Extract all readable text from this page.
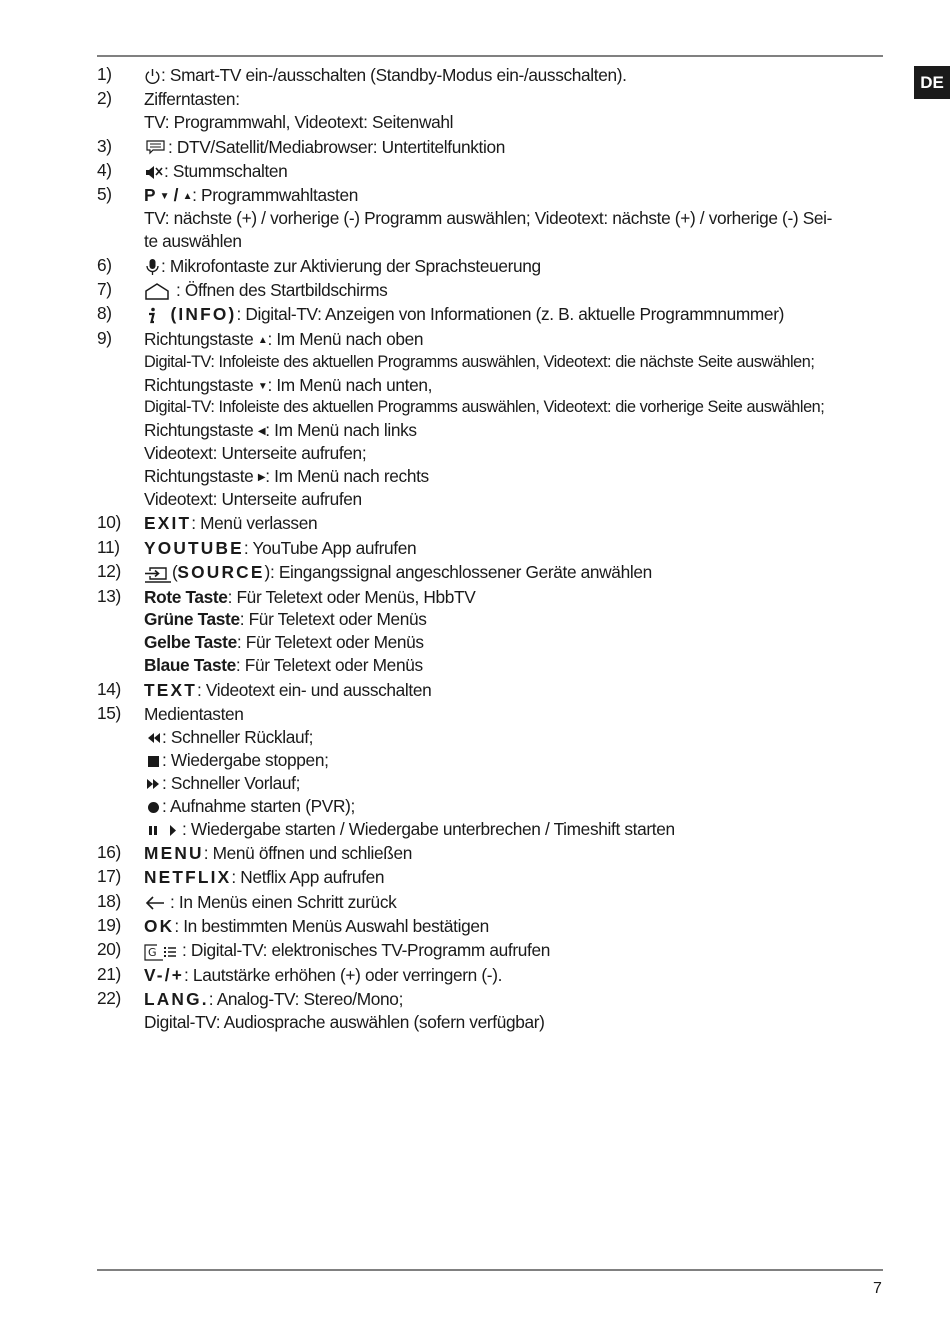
DE
1)	: Smart-TV ein-/ausschalten (Standby-Modus ein-/ausschalten).
2)	Zifferntasten:
TV: Programmwahl, Videotext: Seitenwahl
3)	: DTV/Satellit/Mediabrowser: Untertitelfunktion
4)	: Stummschalten
5)	P ▼ / ▲: Programmwahltasten
TV: nächste (+) / vorherige (-) Programm auswählen; Videotext: nächste (+) / vorherige (-) Sei-
te auswählen
6)	: Mikrofontaste zur Aktivierung der Sprachsteuerung
7)	: Öffnen des Startbildschirms
8)	(INFO): Digital-TV: Anzeigen von Informationen (z. B. aktuelle Programmnummer)
9)	Richtungstaste ▲: Im Menü nach oben
Digital-TV: Infoleiste des aktuellen Programms auswählen, Videotext: die nächste Seite auswählen;
Richtungstaste ▼: Im Menü nach unten,
Digital-TV: Infoleiste des aktuellen Programms auswählen, Videotext: die vorherige Seite auswählen;
Richtungstaste ◀: Im Menü nach links
Videotext: Unterseite aufrufen;
Richtungstaste ▶: Im Menü nach rechts
Videotext: Unterseite aufrufen
10)	EXIT: Menü verlassen
11)	YOUTUBE: YouTube App aufrufen
12)	(SOURCE): Eingangssignal angeschlossener Geräte anwählen
13)	Rote Taste: Für Teletext oder Menüs, HbbTV
Grüne Taste: Für Teletext oder Menüs
Gelbe Taste: Für Teletext oder Menüs
Blaue Taste: Für Teletext oder Menüs
14)	TEXT: Videotext ein- und ausschalten
15)	Medientasten
: Schneller Rücklauf;
: Wiedergabe stoppen;
: Schneller Vorlauf;
: Aufnahme starten (PVR);
: Wiedergabe starten / Wiedergabe unterbrechen / Timeshift starten
16)	MENU: Menü öffnen und schließen
17)	NETFLIX: Netflix App aufrufen
18)	: In Menüs einen Schritt zurück
19)	OK: In bestimmten Menüs Auswahl bestätigen
20)	G : Digital-TV: elektronisches TV-Programm aufrufen
21)	V-/+: Lautstärke erhöhen (+) oder verringern (-).
22)	LANG.: Analog-TV: Stereo/Mono;
Digital-TV: Audiosprache auswählen (sofern verfügbar)
7
